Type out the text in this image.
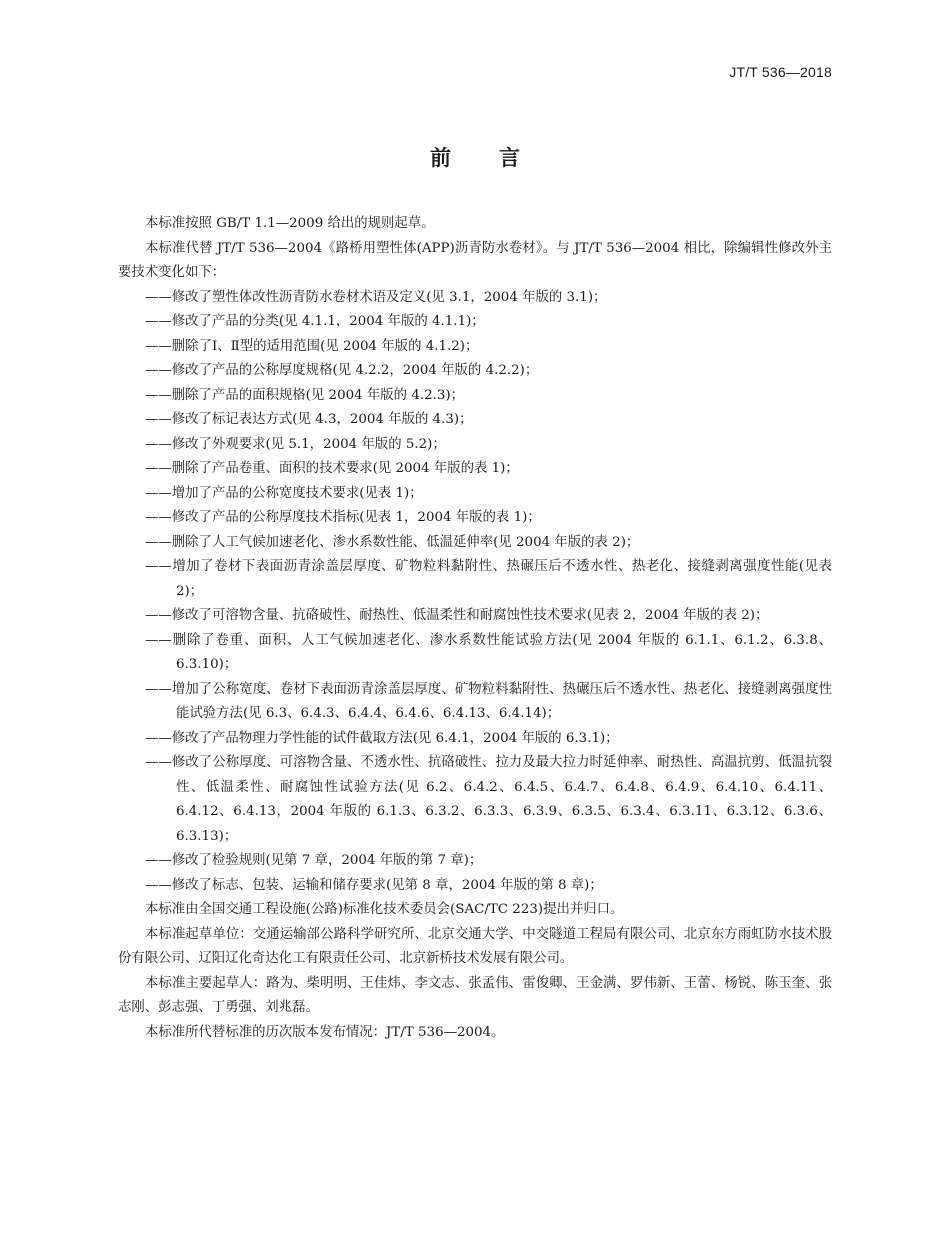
JT/T 536—2018
前言

本标准按照 GB/T 1.1—2009 给出的规则起草。

本标准代替 JT/T 536—2004《路桥用塑性体(APP)沥青防水卷材》。与 JT/T 536—2004 相比，除编辑性修改外主要技术变化如下：

——修改了塑性体改性沥青防水卷材术语及定义(见 3.1，2004 年版的 3.1)；

——修改了产品的分类(见 4.1.1，2004 年版的 4.1.1)；

——删除了Ⅰ、Ⅱ型的适用范围(见 2004 年版的 4.1.2)；

——修改了产品的公称厚度规格(见 4.2.2，2004 年版的 4.2.2)；

——删除了产品的面积规格(见 2004 年版的 4.2.3)；

——修改了标记表达方式(见 4.3，2004 年版的 4.3)；

——修改了外观要求(见 5.1，2004 年版的 5.2)；

——删除了产品卷重、面积的技术要求(见 2004 年版的表 1)；

——增加了产品的公称宽度技术要求(见表 1)；

——修改了产品的公称厚度技术指标(见表 1，2004 年版的表 1)；

——删除了人工气候加速老化、渗水系数性能、低温延伸率(见 2004 年版的表 2)；

——增加了卷材下表面沥青涂盖层厚度、矿物粒料黏附性、热碾压后不透水性、热老化、接缝剥离强度性能(见表 2)；

——修改了可溶物含量、抗硌破性、耐热性、低温柔性和耐腐蚀性技术要求(见表 2，2004 年版的表 2)；

——删除了卷重、面积、人工气候加速老化、渗水系数性能试验方法(见 2004 年版的 6.1.1、6.1.2、6.3.8、6.3.10)；

——增加了公称宽度、卷材下表面沥青涂盖层厚度、矿物粒料黏附性、热碾压后不透水性、热老化、接缝剥离强度性能试验方法(见 6.3、6.4.3、6.4.4、6.4.6、6.4.13、6.4.14)；

——修改了产品物理力学性能的试件截取方法(见 6.4.1，2004 年版的 6.3.1)；

——修改了公称厚度、可溶物含量、不透水性、抗硌破性、拉力及最大拉力时延伸率、耐热性、高温抗剪、低温抗裂性、低温柔性、耐腐蚀性试验方法(见 6.2、6.4.2、6.4.5、6.4.7、6.4.8、6.4.9、6.4.10、6.4.11、6.4.12、6.4.13，2004 年版的 6.1.3、6.3.2、6.3.3、6.3.9、6.3.5、6.3.4、6.3.11、6.3.12、6.3.6、6.3.13)；

——修改了检验规则(见第 7 章，2004 年版的第 7 章)；

——修改了标志、包装、运输和储存要求(见第 8 章，2004 年版的第 8 章)；

本标准由全国交通工程设施(公路)标准化技术委员会(SAC/TC 223)提出并归口。

本标准起草单位：交通运输部公路科学研究所、北京交通大学、中交隧道工程局有限公司、北京东方雨虹防水技术股份有限公司、辽阳辽化奇达化工有限责任公司、北京新桥技术发展有限公司。

本标准主要起草人：路为、柴明明、王佳炜、李文志、张孟伟、雷俊卿、王金满、罗伟新、王蕾、杨锐、陈玉奎、张志刚、彭志强、丁勇强、刘兆磊。

本标准所代替标准的历次版本发布情况：JT/T 536—2004。
